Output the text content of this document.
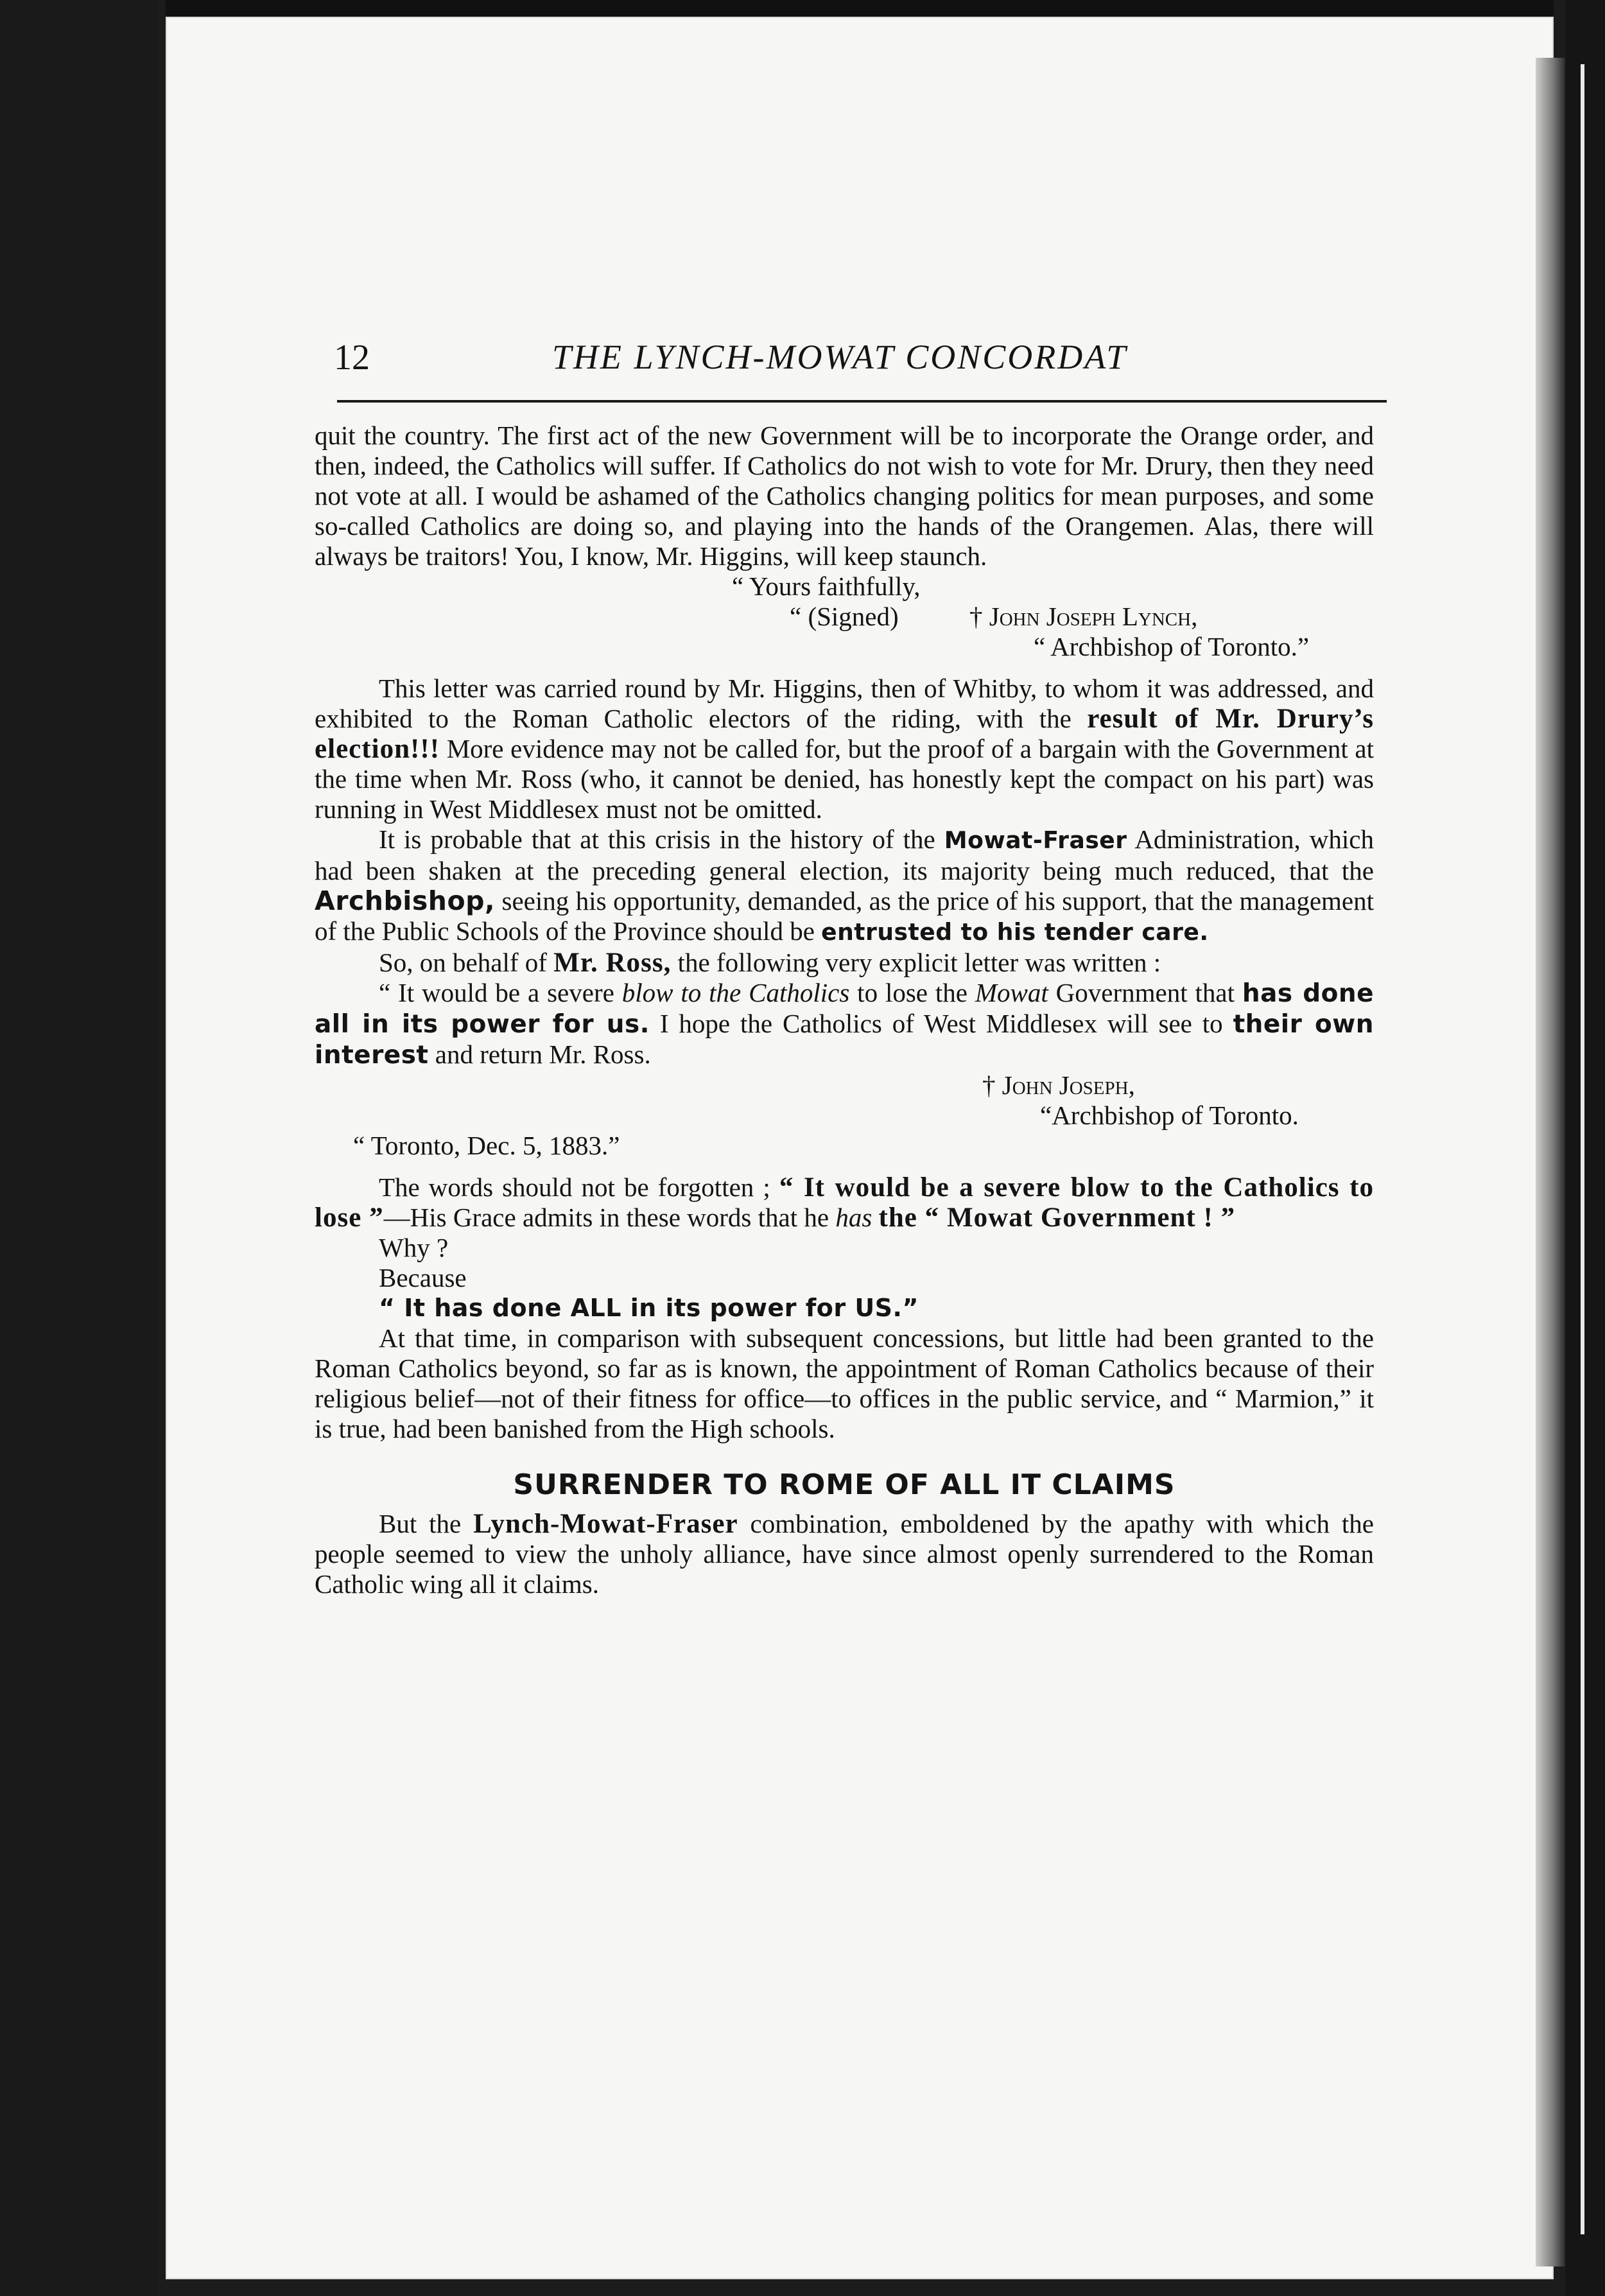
12	THE LYNCH-MOWAT CONCORDAT

quit the country. The first act of the new Government will be to incorporate the Orange order, and then, indeed, the Catholics will suffer. If Catholics do not wish to vote for Mr. Drury, then they need not vote at all. I would be ashamed of the Catholics changing politics for mean purposes, and some so-called Catholics are doing so, and playing into the hands of the Orangemen. Alas, there will always be traitors! You, I know, Mr. Higgins, will keep staunch.

“ Yours faithfully,
“ (Signed)	† John Joseph Lynch,
“ Archbishop of Toronto.”

This letter was carried round by Mr. Higgins, then of Whitby, to whom it was addressed, and exhibited to the Roman Catholic electors of the riding, with the result of Mr. Drury’s election!!! More evidence may not be called for, but the proof of a bargain with the Government at the time when Mr. Ross (who, it cannot be denied, has honestly kept the compact on his part) was running in West Middlesex must not be omitted.

It is probable that at this crisis in the history of the Mowat-Fraser Administration, which had been shaken at the preceding general election, its majority being much reduced, that the Archbishop, seeing his opportunity, demanded, as the price of his support, that the management of the Public Schools of the Province should be entrusted to his tender care.

So, on behalf of Mr. Ross, the following very explicit letter was written :

“ It would be a severe blow to the Catholics to lose the Mowat Government that has done all in its power for us. I hope the Catholics of West Middlesex will see to their own interest and return Mr. Ross.

† John Joseph,
“Archbishop of Toronto.
“ Toronto, Dec. 5, 1883.”

The words should not be forgotten ; “ It would be a severe blow to the Catholics to lose ”—His Grace admits in these words that he has the “ Mowat Government ! ”

Why ?

Because

“ It has done ALL in its power for US.”

At that time, in comparison with subsequent concessions, but little had been granted to the Roman Catholics beyond, so far as is known, the appointment of Roman Catholics because of their religious belief—not of their fitness for office—to offices in the public service, and “ Marmion,” it is true, had been banished from the High schools.

SURRENDER TO ROME OF ALL IT CLAIMS

But the Lynch-Mowat-Fraser combination, emboldened by the apathy with which the people seemed to view the unholy alliance, have since almost openly surrendered to the Roman Catholic wing all it claims.
